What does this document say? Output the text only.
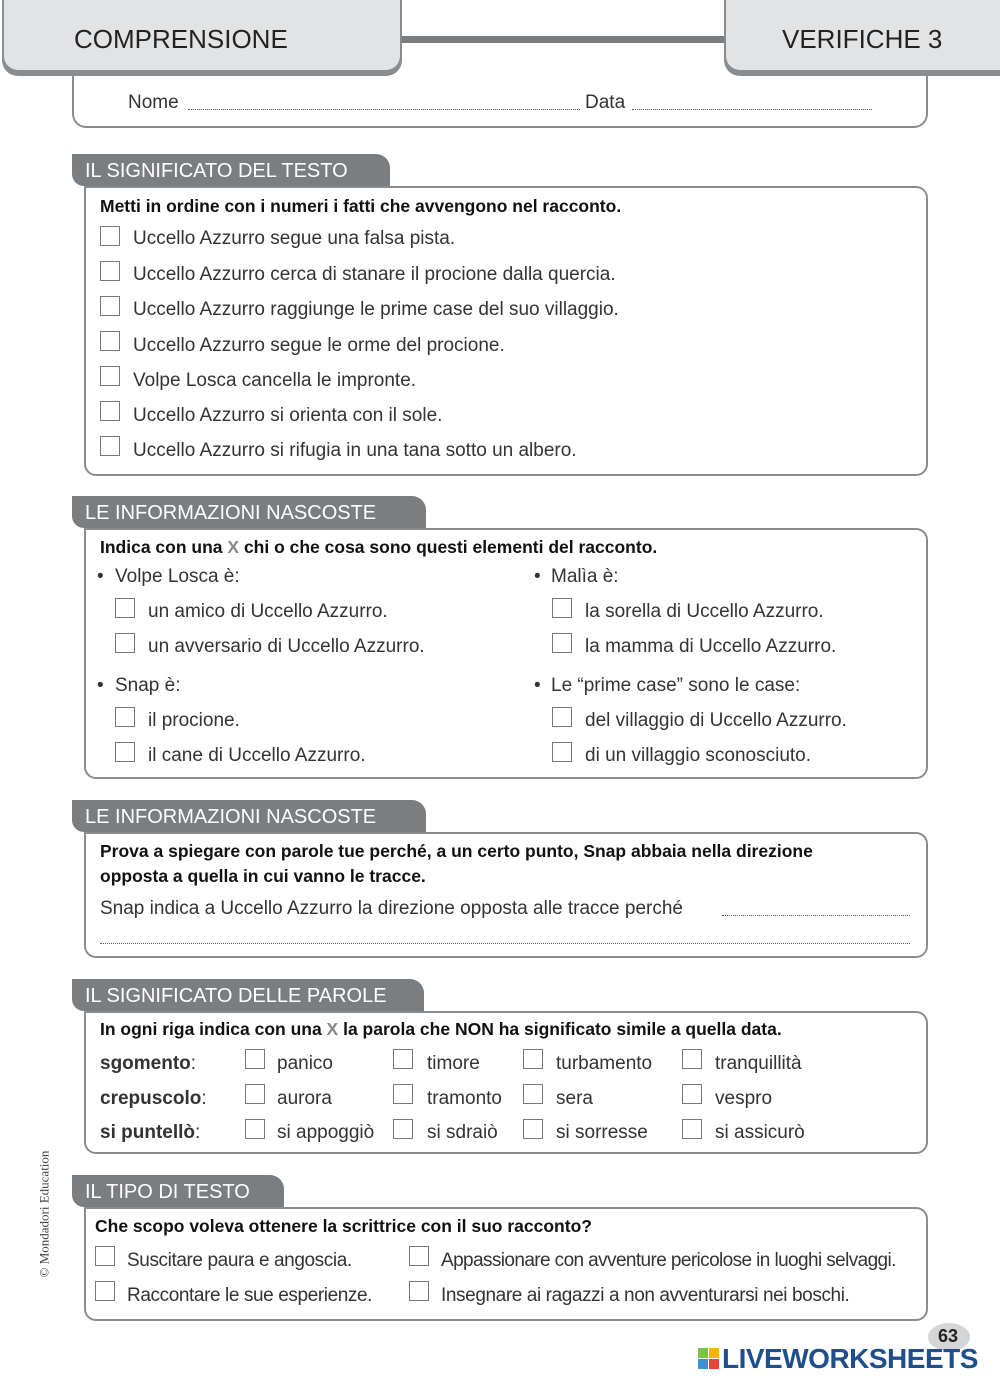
COMPRENSIONE	VERIFICHE 3
Nome	Data
IL SIGNIFICATO DEL TESTO
Metti in ordine con i numeri i fatti che avvengono nel racconto.
Uccello Azzurro segue una falsa pista.
Uccello Azzurro cerca di stanare il procione dalla quercia.
Uccello Azzurro raggiunge le prime case del suo villaggio.
Uccello Azzurro segue le orme del procione.
Volpe Losca cancella le impronte.
Uccello Azzurro si orienta con il sole.
Uccello Azzurro si rifugia in una tana sotto un albero.
LE INFORMAZIONI NASCOSTE
Indica con una X chi o che cosa sono questi elementi del racconto.
• Volpe Losca è:
un amico di Uccello Azzurro.
un avversario di Uccello Azzurro.
• Malìa è:
la sorella di Uccello Azzurro.
la mamma di Uccello Azzurro.
• Snap è:
il procione.
il cane di Uccello Azzurro.
• Le “prime case” sono le case:
del villaggio di Uccello Azzurro.
di un villaggio sconosciuto.
LE INFORMAZIONI NASCOSTE
Prova a spiegare con parole tue perché, a un certo punto, Snap abbaia nella direzione
opposta a quella in cui vanno le tracce.
Snap indica a Uccello Azzurro la direzione opposta alle tracce perché
IL SIGNIFICATO DELLE PAROLE
In ogni riga indica con una X la parola che NON ha significato simile a quella data.
sgomento:	panico	timore	turbamento	tranquillità
crepuscolo:	aurora	tramonto	sera	vespro
si puntellò:	si appoggiò	si sdraiò	si sorresse	si assicurò
IL TIPO DI TESTO
Che scopo voleva ottenere la scrittrice con il suo racconto?
Suscitare paura e angoscia.	Appassionare con avventure pericolose in luoghi selvaggi.
Raccontare le sue esperienze.	Insegnare ai ragazzi a non avventurarsi nei boschi.
© Mondadori Education
63
LIVEWORKSHEETS
